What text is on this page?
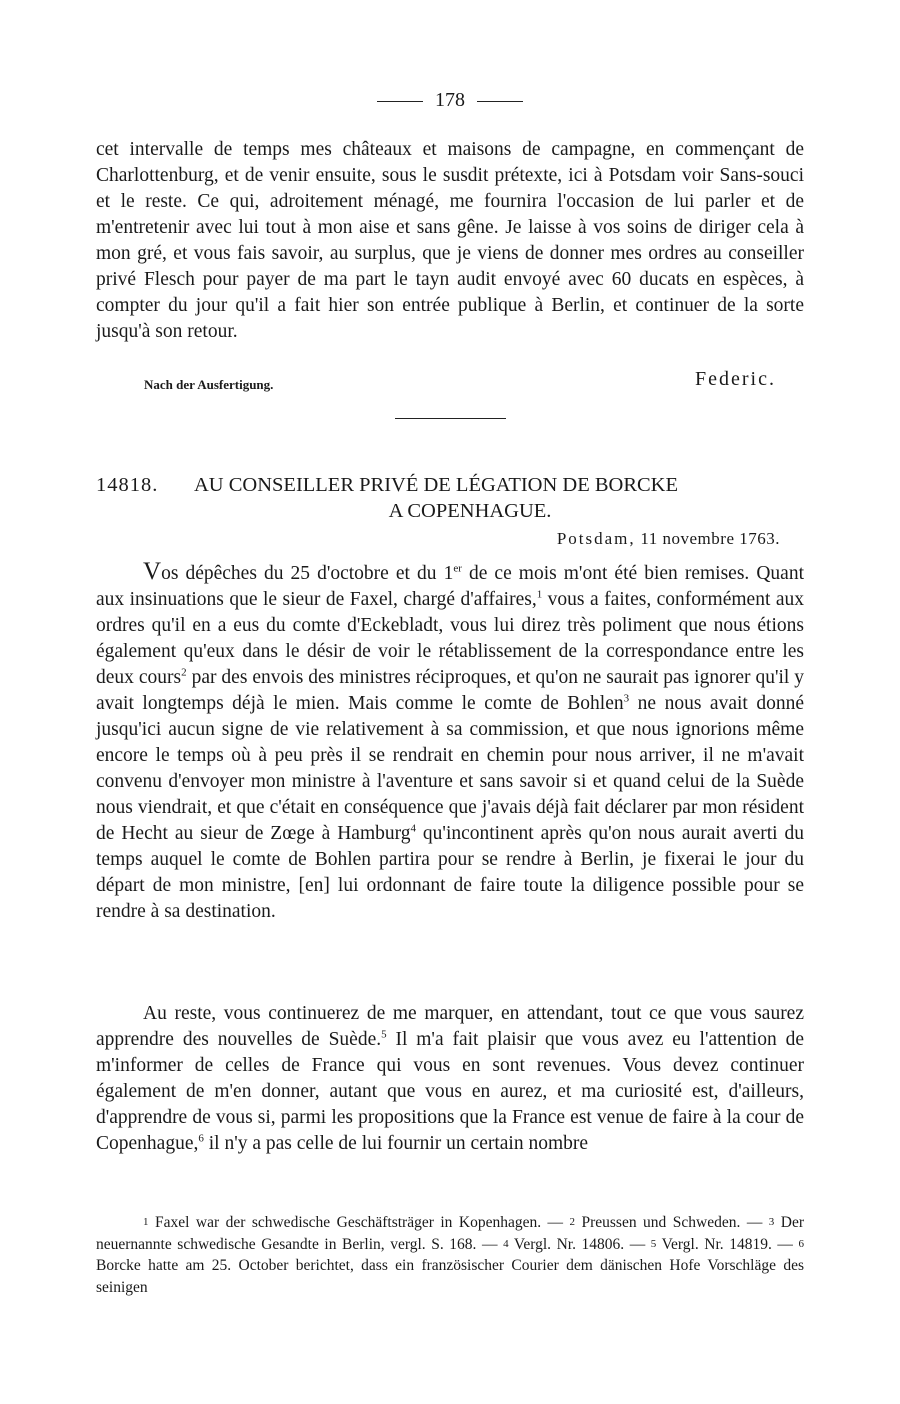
178

cet intervalle de temps mes châteaux et maisons de campagne, en commençant de Charlottenburg, et de venir ensuite, sous le susdit prétexte, ici à Potsdam voir Sans-souci et le reste. Ce qui, adroitement ménagé, me fournira l'occasion de lui parler et de m'entretenir avec lui tout à mon aise et sans gêne. Je laisse à vos soins de diriger cela à mon gré, et vous fais savoir, au surplus, que je viens de donner mes ordres au conseiller privé Flesch pour payer de ma part le tayn audit envoyé avec 60 ducats en espèces, à compter du jour qu'il a fait hier son entrée publique à Berlin, et continuer de la sorte jusqu'à son retour.

Nach der Ausfertigung.	Federic.
14818.	AU CONSEILLER PRIVÉ DE LÉGATION DE BORCKE
A COPENHAGUE.
Potsdam, 11 novembre 1763.

Vos dépêches du 25 d'octobre et du 1er de ce mois m'ont été bien remises. Quant aux insinuations que le sieur de Faxel, chargé d'affaires,$^1$ vous a faites, conformément aux ordres qu'il en a eus du comte d'Eckebladt, vous lui direz très poliment que nous étions également qu'eux dans le désir de voir le rétablissement de la correspondance entre les deux cours$^2$ par des envois des ministres réciproques, et qu'on ne saurait pas ignorer qu'il y avait longtemps déjà le mien. Mais comme le comte de Bohlen$^3$ ne nous avait donné jusqu'ici aucun signe de vie relativement à sa commission, et que nous ignorions même encore le temps où à peu près il se rendrait en chemin pour nous arriver, il ne m'avait convenu d'envoyer mon ministre à l'aventure et sans savoir si et quand celui de la Suède nous viendrait, et que c'était en conséquence que j'avais déjà fait déclarer par mon résident de Hecht au sieur de Zœge à Hamburg$^4$ qu'incontinent après qu'on nous aurait averti du temps auquel le comte de Bohlen partira pour se rendre à Berlin, je fixerai le jour du départ de mon ministre, [en] lui ordonnant de faire toute la diligence possible pour se rendre à sa destination.

Au reste, vous continuerez de me marquer, en attendant, tout ce que vous saurez apprendre des nouvelles de Suède.$^5$ Il m'a fait plaisir que vous avez eu l'attention de m'informer de celles de France qui vous en sont revenues. Vous devez continuer également de m'en donner, autant que vous en aurez, et ma curiosité est, d'ailleurs, d'apprendre de vous si, parmi les propositions que la France est venue de faire à la cour de Copenhague,$^6$ il n'y a pas celle de lui fournir un certain nombre

1 Faxel war der schwedische Geschäftsträger in Kopenhagen. — 2 Preussen und Schweden. — 3 Der neuernannte schwedische Gesandte in Berlin, vergl. S. 168. — 4 Vergl. Nr. 14806. — 5 Vergl. Nr. 14819. — 6 Borcke hatte am 25. October berichtet, dass ein französischer Courier dem dänischen Hofe Vorschläge des seinigen
